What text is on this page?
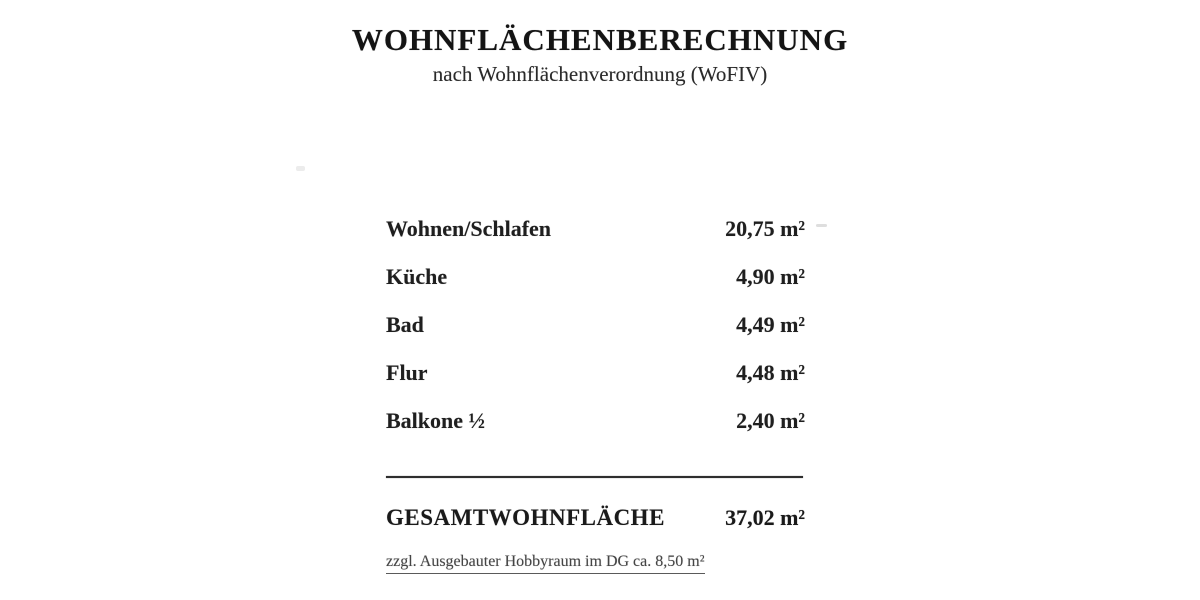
WOHNFLÄCHENBERECHNUNG
nach Wohnflächenverordnung (WoFIV)
Wohnen/Schlafen	20,75 m²
Küche	4,90 m²
Bad	4,49 m²
Flur	4,48 m²
Balkone ½	2,40 m²
GESAMTWOHNFLÄCHE	37,02 m²
zzgl. Ausgebauter Hobbyraum im DG ca. 8,50 m²
